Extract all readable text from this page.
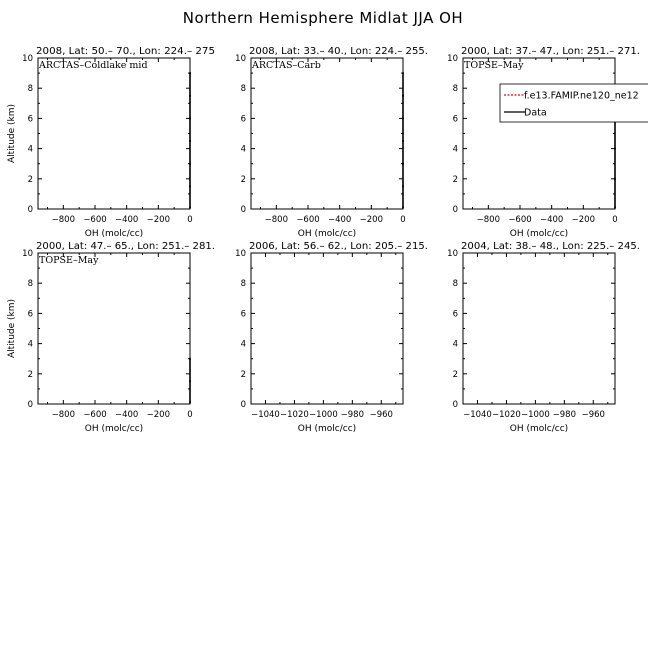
Northern Hemisphere Midlat JJA OH
2008, Lat: 50.– 70., Lon: 224.– 275
0
2
4
6
8
10
−800 −600 −400 −200 0
OH (molc/cc)
Altitude (km)
ARCTAS–Coldlake mid
2008, Lat: 33.– 40., Lon: 224.– 255.
0
2
4
6
8
10
−800 −600 −400 −200 0
OH (molc/cc)
ARCTAS–Carb
2000, Lat: 37.– 47., Lon: 251.– 271.
0
2
4
6
8
10
−800 −600 −400 −200 0
OH (molc/cc)
TOPSE–May
2000, Lat: 47.– 65., Lon: 251.– 281.
0
2
4
6
8
10
−800 −600 −400 −200 0
OH (molc/cc)
Altitude (km)
TOPSE–May
2006, Lat: 56.– 62., Lon: 205.– 215.
0
2
4
6
8
10
−1040 −1020 −1000 −980 −960
OH (molc/cc)
2004, Lat: 38.– 48., Lon: 225.– 245.
0
2
4
6
8
10
−1040 −1020 −1000 −980 −960
OH (molc/cc)
f.e13.FAMIP.ne120_ne12
Data
